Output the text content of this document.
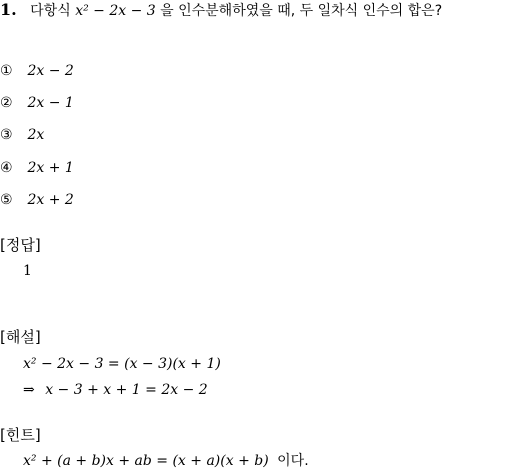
1. 다항식 x² − 2x − 3 을 인수분해하였을 때, 두 일차식 인수의 합은?
① 2x − 2
② 2x − 1
③ 2x
④ 2x + 1
⑤ 2x + 2
[정답]
1
[해설]
x² − 2x − 3 = (x − 3)(x + 1)
⇒ x − 3 + x + 1 = 2x − 2
[힌트]
x² + (a + b)x + ab = (x + a)(x + b) 이다.
